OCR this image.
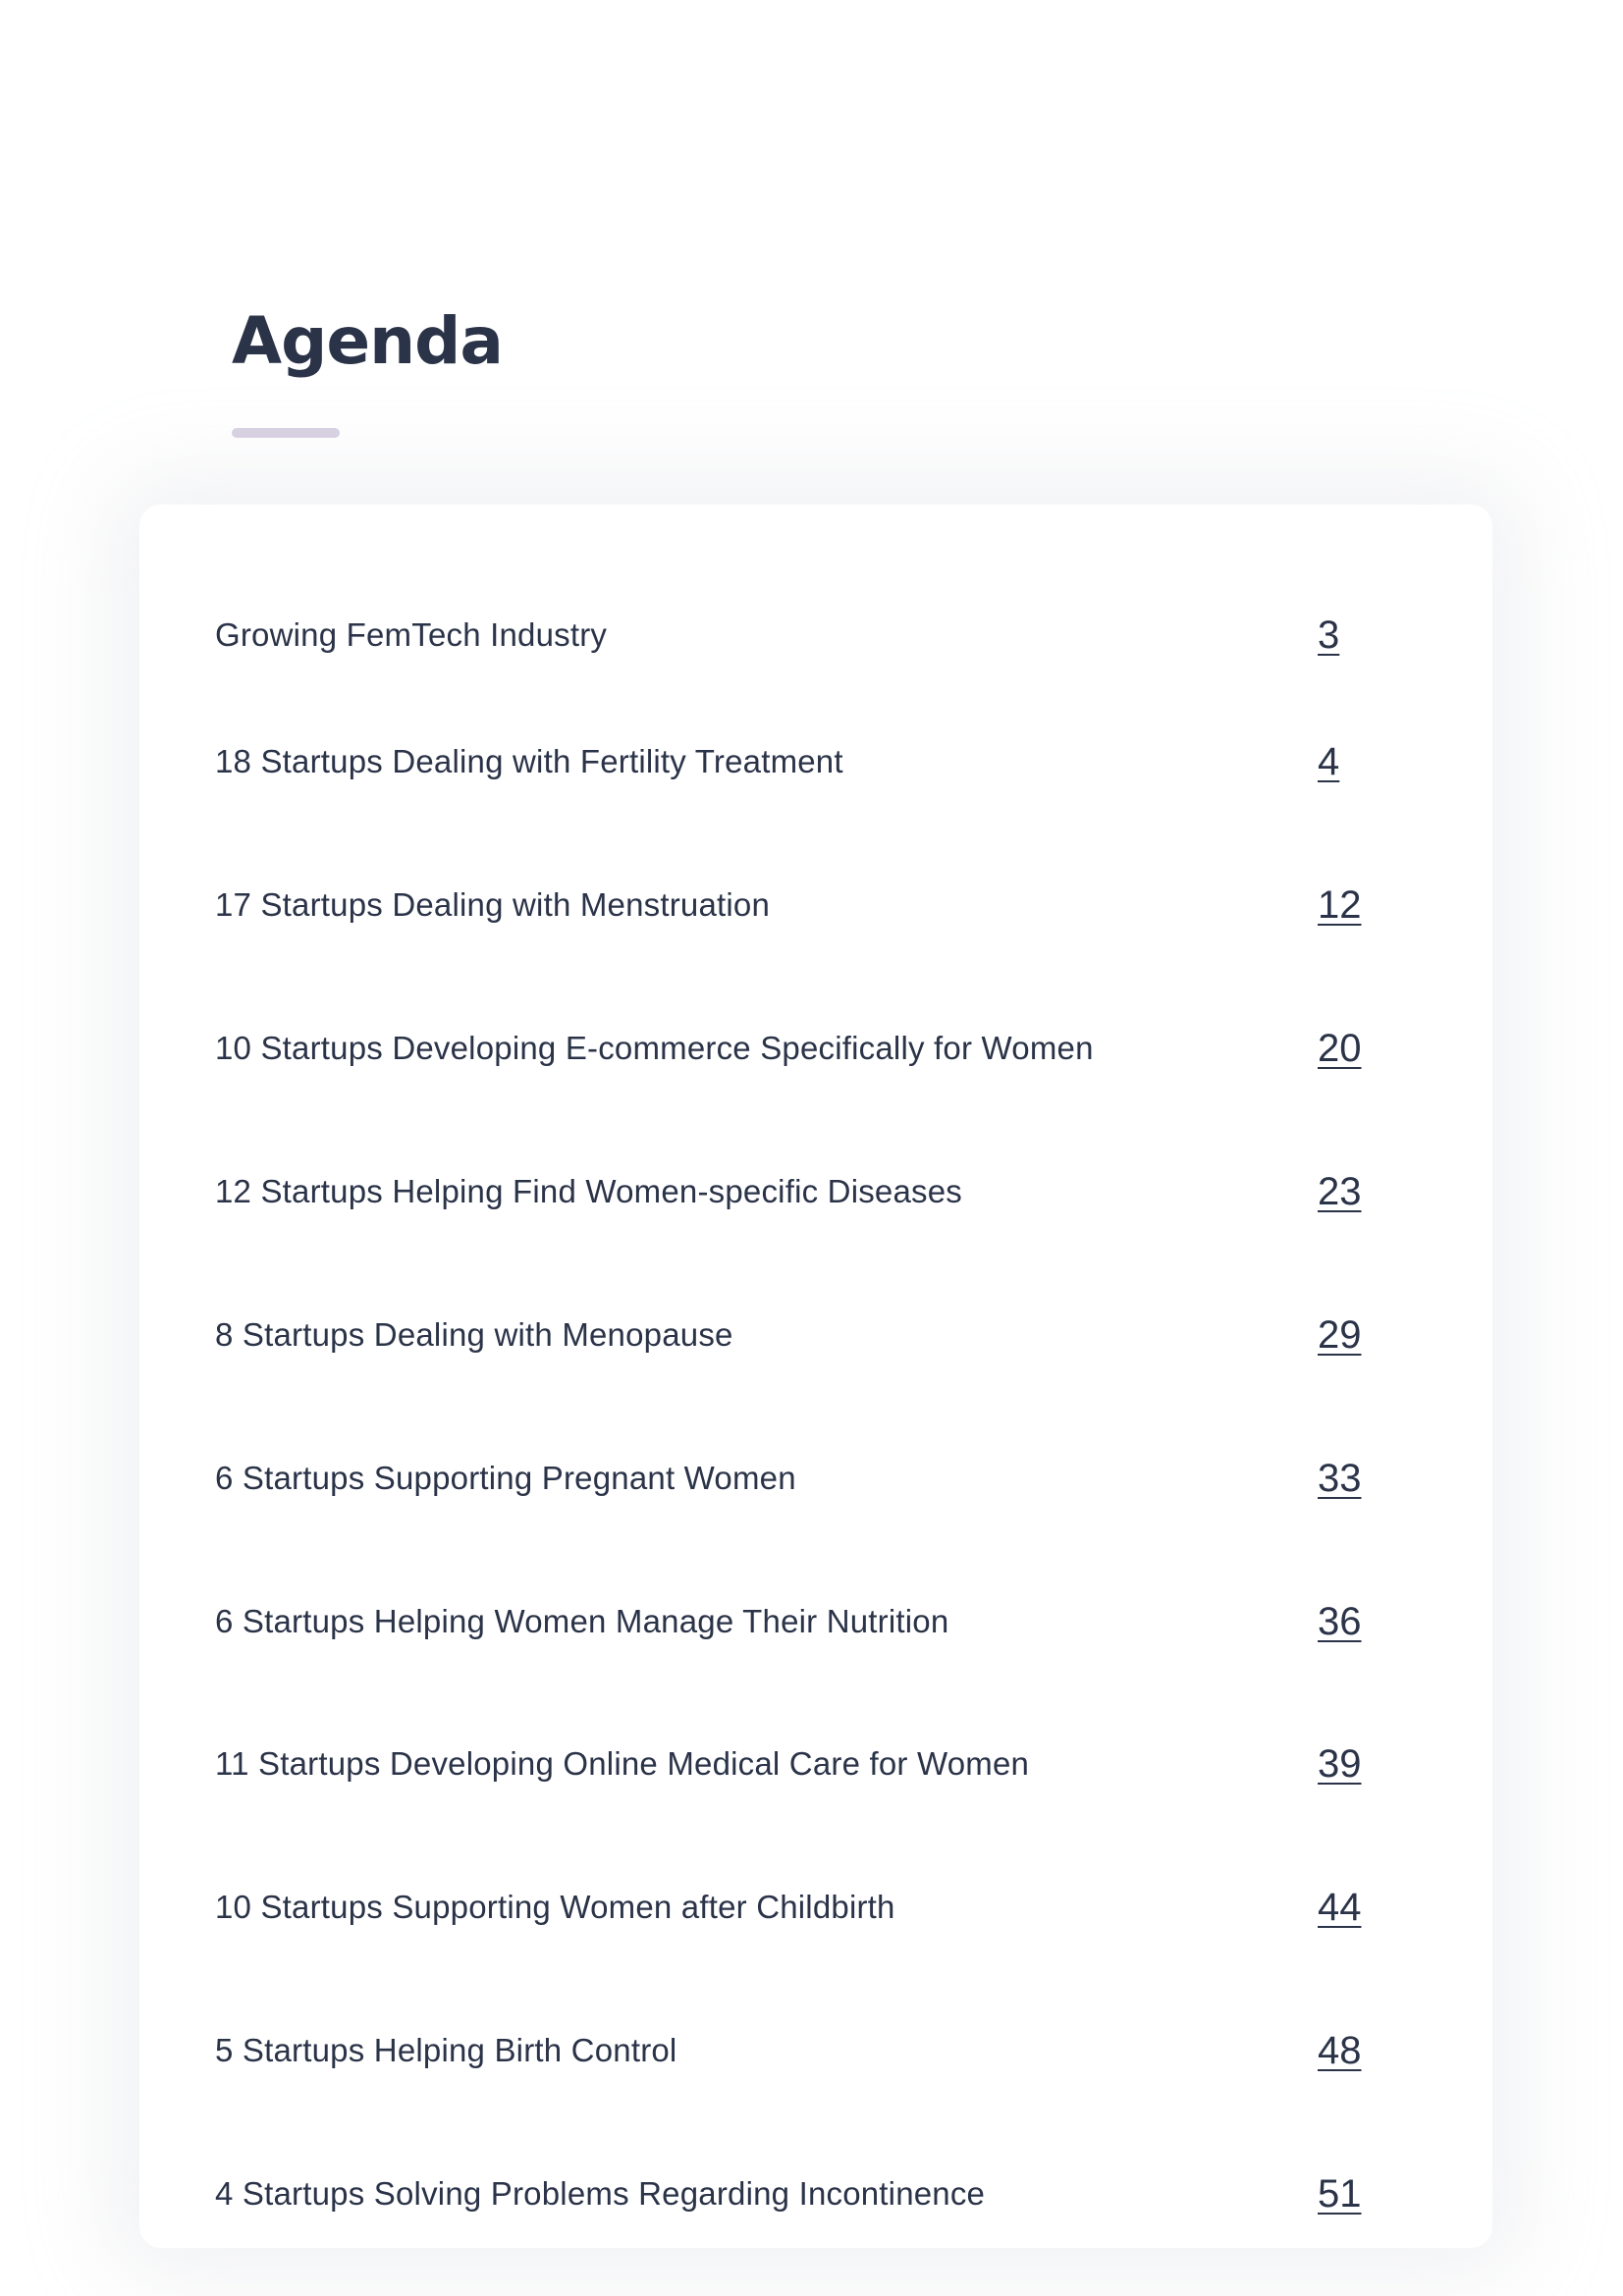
Agenda
Growing FemTech Industry	3
18 Startups Dealing with Fertility Treatment	4
17 Startups Dealing with Menstruation	12
10 Startups Developing E-commerce Specifically for Women	20
12 Startups Helping Find Women-specific Diseases	23
8 Startups Dealing with Menopause	29
6 Startups Supporting Pregnant Women	33
6 Startups Helping Women Manage Their Nutrition	36
11 Startups Developing Online Medical Care for Women	39
10 Startups Supporting Women after Childbirth	44
5 Startups Helping Birth Control	48
4 Startups Solving Problems Regarding Incontinence	51
